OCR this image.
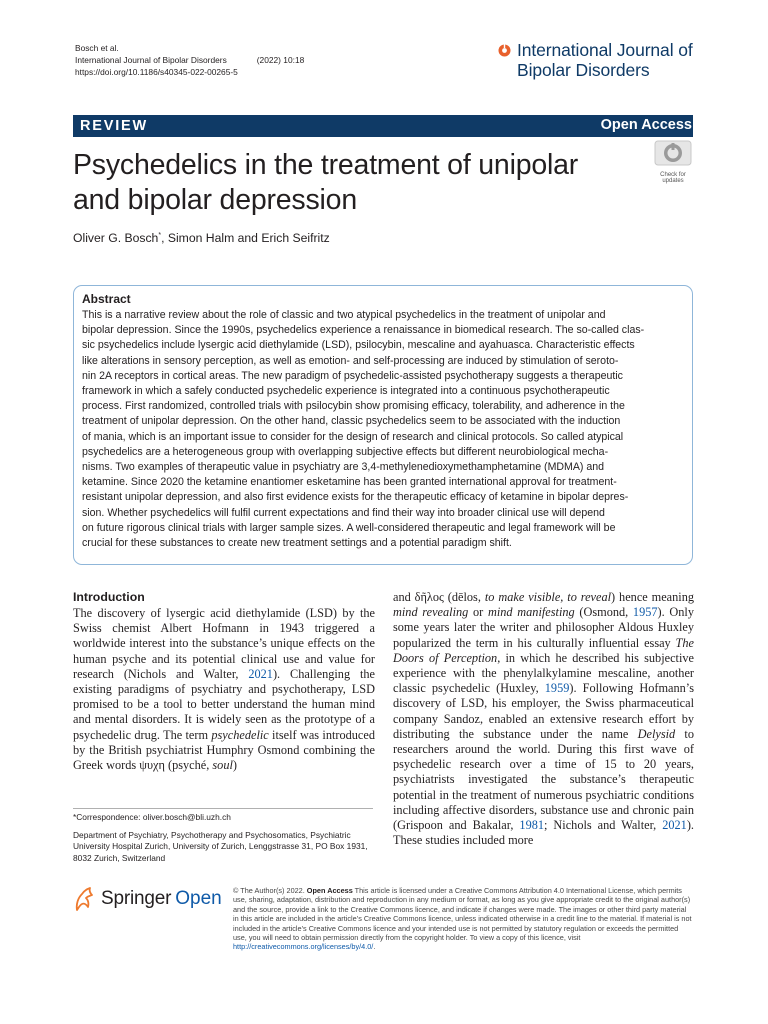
Bosch et al.
International Journal of Bipolar Disorders	(2022) 10:18
https://doi.org/10.1186/s40345-022-00265-5
International Journal of
Bipolar Disorders
REVIEW	Open Access
Psychedelics in the treatment of unipolar
and bipolar depression
Check for
updates
Oliver G. Bosch*, Simon Halm and Erich Seifritz
Abstract
This is a narrative review about the role of classic and two atypical psychedelics in the treatment of unipolar and
bipolar depression. Since the 1990s, psychedelics experience a renaissance in biomedical research. The so-called clas-
sic psychedelics include lysergic acid diethylamide (LSD), psilocybin, mescaline and ayahuasca. Characteristic effects
like alterations in sensory perception, as well as emotion- and self-processing are induced by stimulation of seroto-
nin 2A receptors in cortical areas. The new paradigm of psychedelic-assisted psychotherapy suggests a therapeutic
framework in which a safely conducted psychedelic experience is integrated into a continuous psychotherapeutic
process. First randomized, controlled trials with psilocybin show promising efficacy, tolerability, and adherence in the
treatment of unipolar depression. On the other hand, classic psychedelics seem to be associated with the induction
of mania, which is an important issue to consider for the design of research and clinical protocols. So called atypical
psychedelics are a heterogeneous group with overlapping subjective effects but different neurobiological mecha-
nisms. Two examples of therapeutic value in psychiatry are 3,4-methylenedioxymethamphetamine (MDMA) and
ketamine. Since 2020 the ketamine enantiomer esketamine has been granted international approval for treatment-
resistant unipolar depression, and also first evidence exists for the therapeutic efficacy of ketamine in bipolar depres-
sion. Whether psychedelics will fulfil current expectations and find their way into broader clinical use will depend
on future rigorous clinical trials with larger sample sizes. A well-considered therapeutic and legal framework will be
crucial for these substances to create new treatment settings and a potential paradigm shift.
Introduction
The discovery of lysergic acid diethylamide (LSD) by the Swiss chemist Albert Hofmann in 1943 triggered a worldwide interest into the substance’s unique effects on the human psyche and its potential clinical use and value for research (Nichols and Walter, 2021). Challenging the existing paradigms of psychiatry and psychotherapy, LSD promised to be a tool to better understand the human mind and mental disorders. It is widely seen as the prototype of a psychedelic drug. The term psychedelic itself was introduced by the British psychiatrist Humphry Osmond combining the Greek words ψυχη (psyché, soul)
and δῆλος (dēlos, to make visible, to reveal) hence meaning mind revealing or mind manifesting (Osmond, 1957). Only some years later the writer and philosopher Aldous Huxley popularized the term in his culturally influential essay The Doors of Perception, in which he described his subjective experience with the phenylalkylamine mescaline, another classic psychedelic (Huxley, 1959). Following Hofmann’s discovery of LSD, his employer, the Swiss pharmaceutical company Sandoz, enabled an extensive research effort by distributing the substance under the name Delysid to researchers around the world. During this first wave of psychedelic research over a time of 15 to 20 years, psychiatrists investigated the substance’s therapeutic potential in the treatment of numerous psychiatric conditions including affective disorders, substance use and chronic pain (Grispoon and Bakalar, 1981; Nichols and Walter, 2021). These studies included more
*Correspondence: oliver.bosch@bli.uzh.ch
Department of Psychiatry, Psychotherapy and Psychosomatics, Psychiatric University Hospital Zurich, University of Zurich, Lenggstrasse 31, PO Box 1931, 8032 Zurich, Switzerland
Springer Open © The Author(s) 2022. Open Access This article is licensed under a Creative Commons Attribution 4.0 International License, which permits use, sharing, adaptation, distribution and reproduction in any medium or format, as long as you give appropriate credit to the original author(s) and the source, provide a link to the Creative Commons licence, and indicate if changes were made. The images or other third party material in this article are included in the article’s Creative Commons licence, unless indicated otherwise in a credit line to the material. If material is not included in the article’s Creative Commons licence and your intended use is not permitted by statutory regulation or exceeds the permitted use, you will need to obtain permission directly from the copyright holder. To view a copy of this licence, visit http://creativecommons.org/licenses/by/4.0/.
